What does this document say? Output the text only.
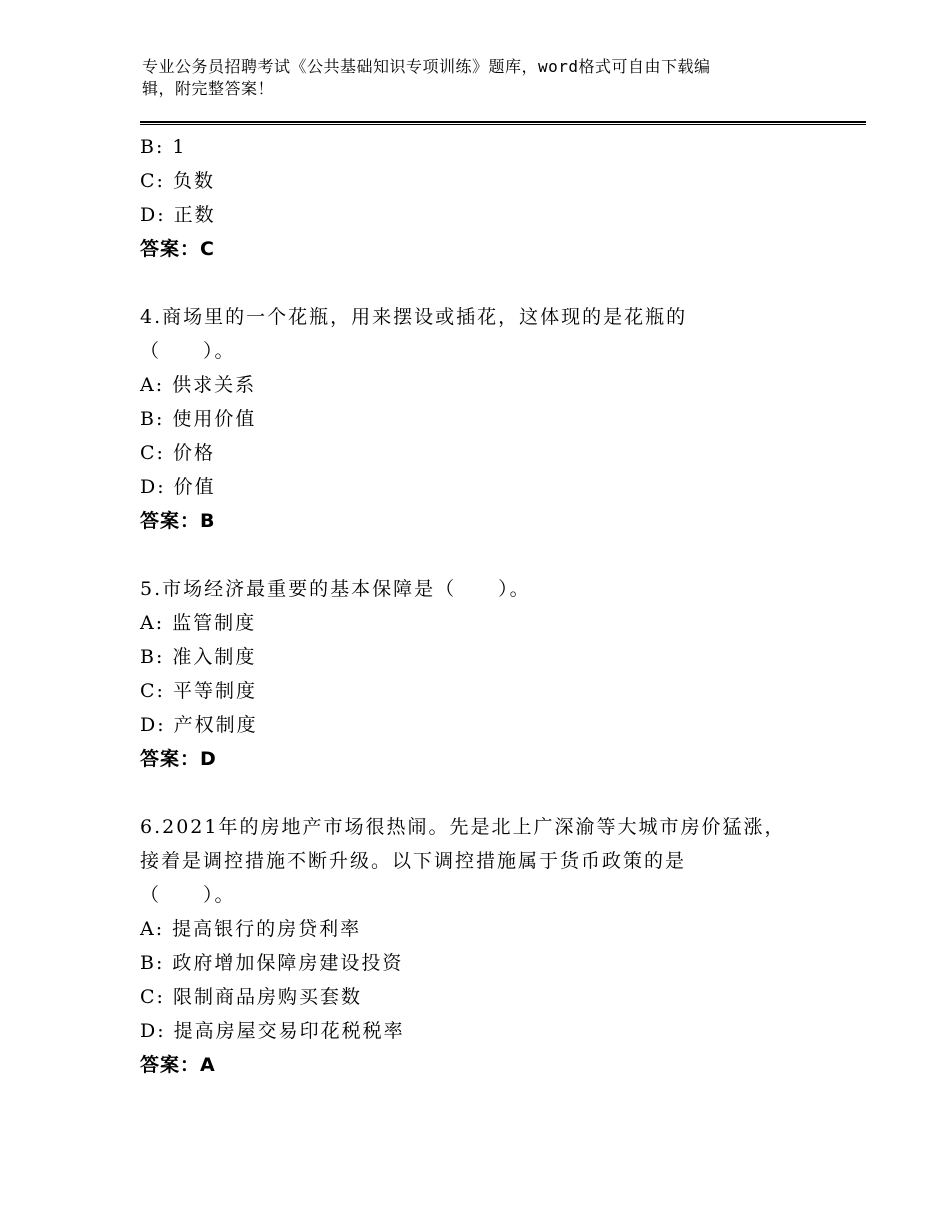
专业公务员招聘考试《公共基础知识专项训练》题库，word格式可自由下载编
辑，附完整答案！
B: 1
C: 负数
D: 正数
答案：C
4.商场里的一个花瓶，用来摆设或插花，这体现的是花瓶的
（　　）。
A: 供求关系
B: 使用价值
C: 价格
D: 价值
答案：B
5.市场经济最重要的基本保障是（　　）。
A: 监管制度
B: 准入制度
C: 平等制度
D: 产权制度
答案：D
6.2021年的房地产市场很热闹。先是北上广深渝等大城市房价猛涨，
接着是调控措施不断升级。以下调控措施属于货币政策的是
（　　）。
A: 提高银行的房贷利率
B: 政府增加保障房建设投资
C: 限制商品房购买套数
D: 提高房屋交易印花税税率
答案：A
